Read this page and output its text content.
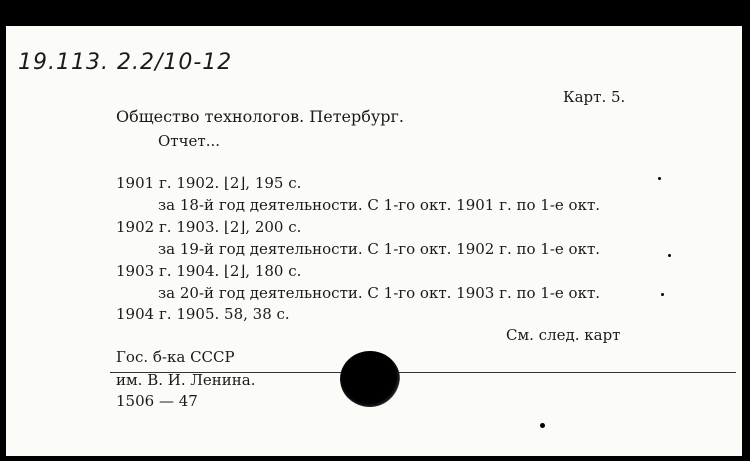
19.113. 2.2/10-12
Карт. 5.
Общество технологов. Петербург.
Отчет...
1901 г. 1902. ⌊2⌋, 195 с.
за 18-й год деятельности. С 1-го окт. 1901 г. по 1-е окт.
1902 г. 1903. ⌊2⌋, 200 с.
за 19-й год деятельности. С 1-го окт. 1902 г. по 1-е окт.
1903 г. 1904. ⌊2⌋, 180 с.
за 20-й год деятельности. С 1-го окт. 1903 г. по 1-е окт.
1904 г. 1905. 58, 38 с.
См. след. карт
Гос. б-ка СССР
им. В. И. Ленина.
1506 — 47
